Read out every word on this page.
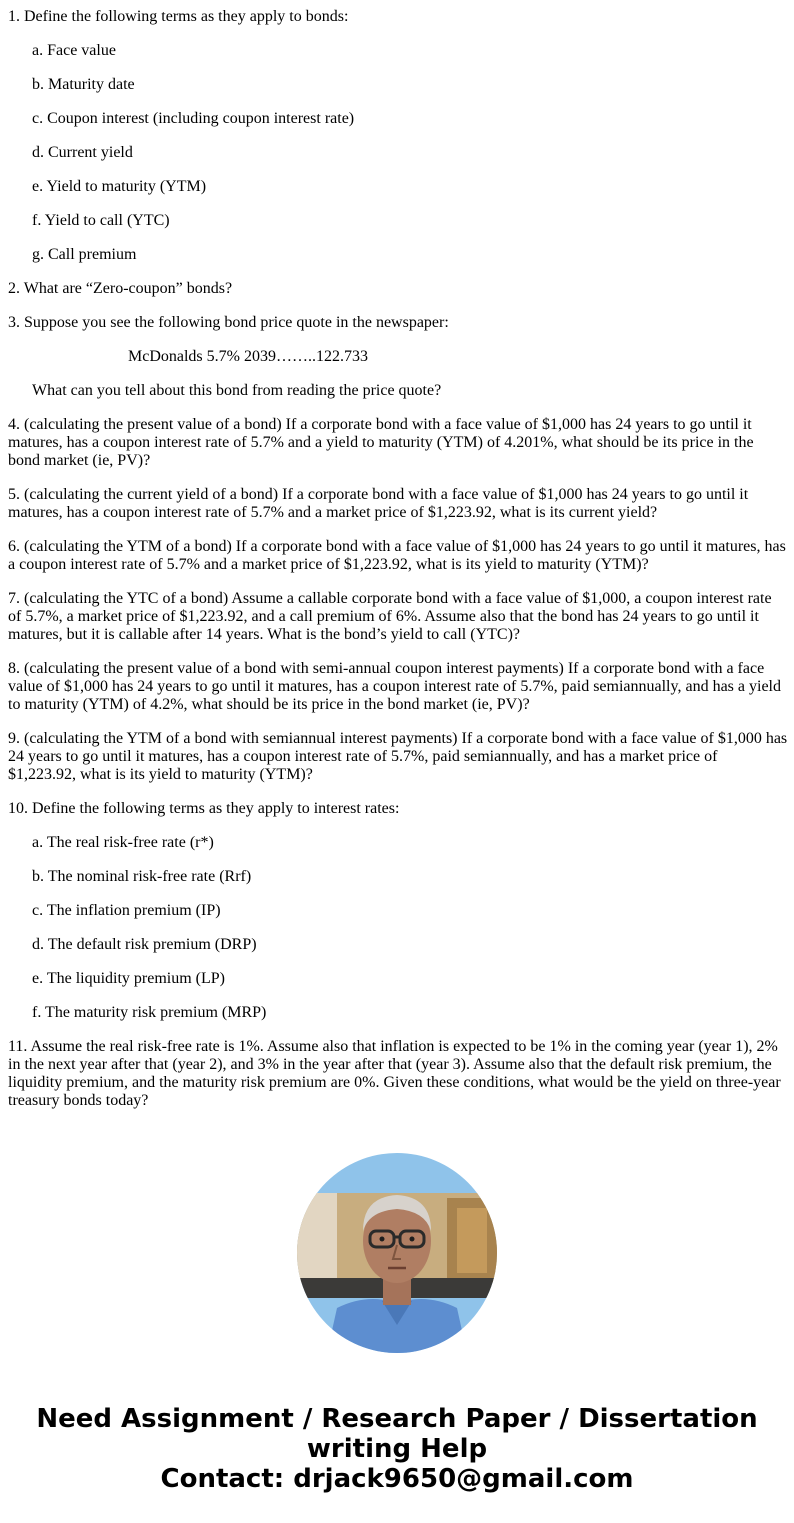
1. Define the following terms as they apply to bonds:

a. Face value

b. Maturity date

c. Coupon interest (including coupon interest rate)

d. Current yield

e. Yield to maturity (YTM)

f. Yield to call (YTC)

g. Call premium

2. What are “Zero-coupon” bonds?

3. Suppose you see the following bond price quote in the newspaper:

McDonalds 5.7% 2039……..122.733

What can you tell about this bond from reading the price quote?

4. (calculating the present value of a bond) If a corporate bond with a face value of $1,000 has 24 years to go until it matures, has a coupon interest rate of 5.7% and a yield to maturity (YTM) of 4.201%, what should be its price in the bond market (ie, PV)?

5. (calculating the current yield of a bond) If a corporate bond with a face value of $1,000 has 24 years to go until it matures, has a coupon interest rate of 5.7% and a market price of $1,223.92, what is its current yield?

6. (calculating the YTM of a bond) If a corporate bond with a face value of $1,000 has 24 years to go until it matures, has a coupon interest rate of 5.7% and a market price of $1,223.92, what is its yield to maturity (YTM)?

7. (calculating the YTC of a bond) Assume a callable corporate bond with a face value of $1,000, a coupon interest rate of 5.7%, a market price of $1,223.92, and a call premium of 6%. Assume also that the bond has 24 years to go until it matures, but it is callable after 14 years. What is the bond’s yield to call (YTC)?

8. (calculating the present value of a bond with semi-annual coupon interest payments) If a corporate bond with a face value of $1,000 has 24 years to go until it matures, has a coupon interest rate of 5.7%, paid semiannually, and has a yield to maturity (YTM) of 4.2%, what should be its price in the bond market (ie, PV)?

9. (calculating the YTM of a bond with semiannual interest payments) If a corporate bond with a face value of $1,000 has 24 years to go until it matures, has a coupon interest rate of 5.7%, paid semiannually, and has a market price of $1,223.92, what is its yield to maturity (YTM)?

10. Define the following terms as they apply to interest rates:

a. The real risk-free rate (r*)

b. The nominal risk-free rate (Rrf)

c. The inflation premium (IP)

d. The default risk premium (DRP)

e. The liquidity premium (LP)

f. The maturity risk premium (MRP)

11. Assume the real risk-free rate is 1%. Assume also that inflation is expected to be 1% in the coming year (year 1), 2% in the next year after that (year 2), and 3% in the year after that (year 3). Assume also that the default risk premium, the liquidity premium, and the maturity risk premium are 0%. Given these conditions, what would be the yield on three-year treasury bonds today?

Need Assignment / Research Paper / Dissertation writing Help
Contact: drjack9650@gmail.com
